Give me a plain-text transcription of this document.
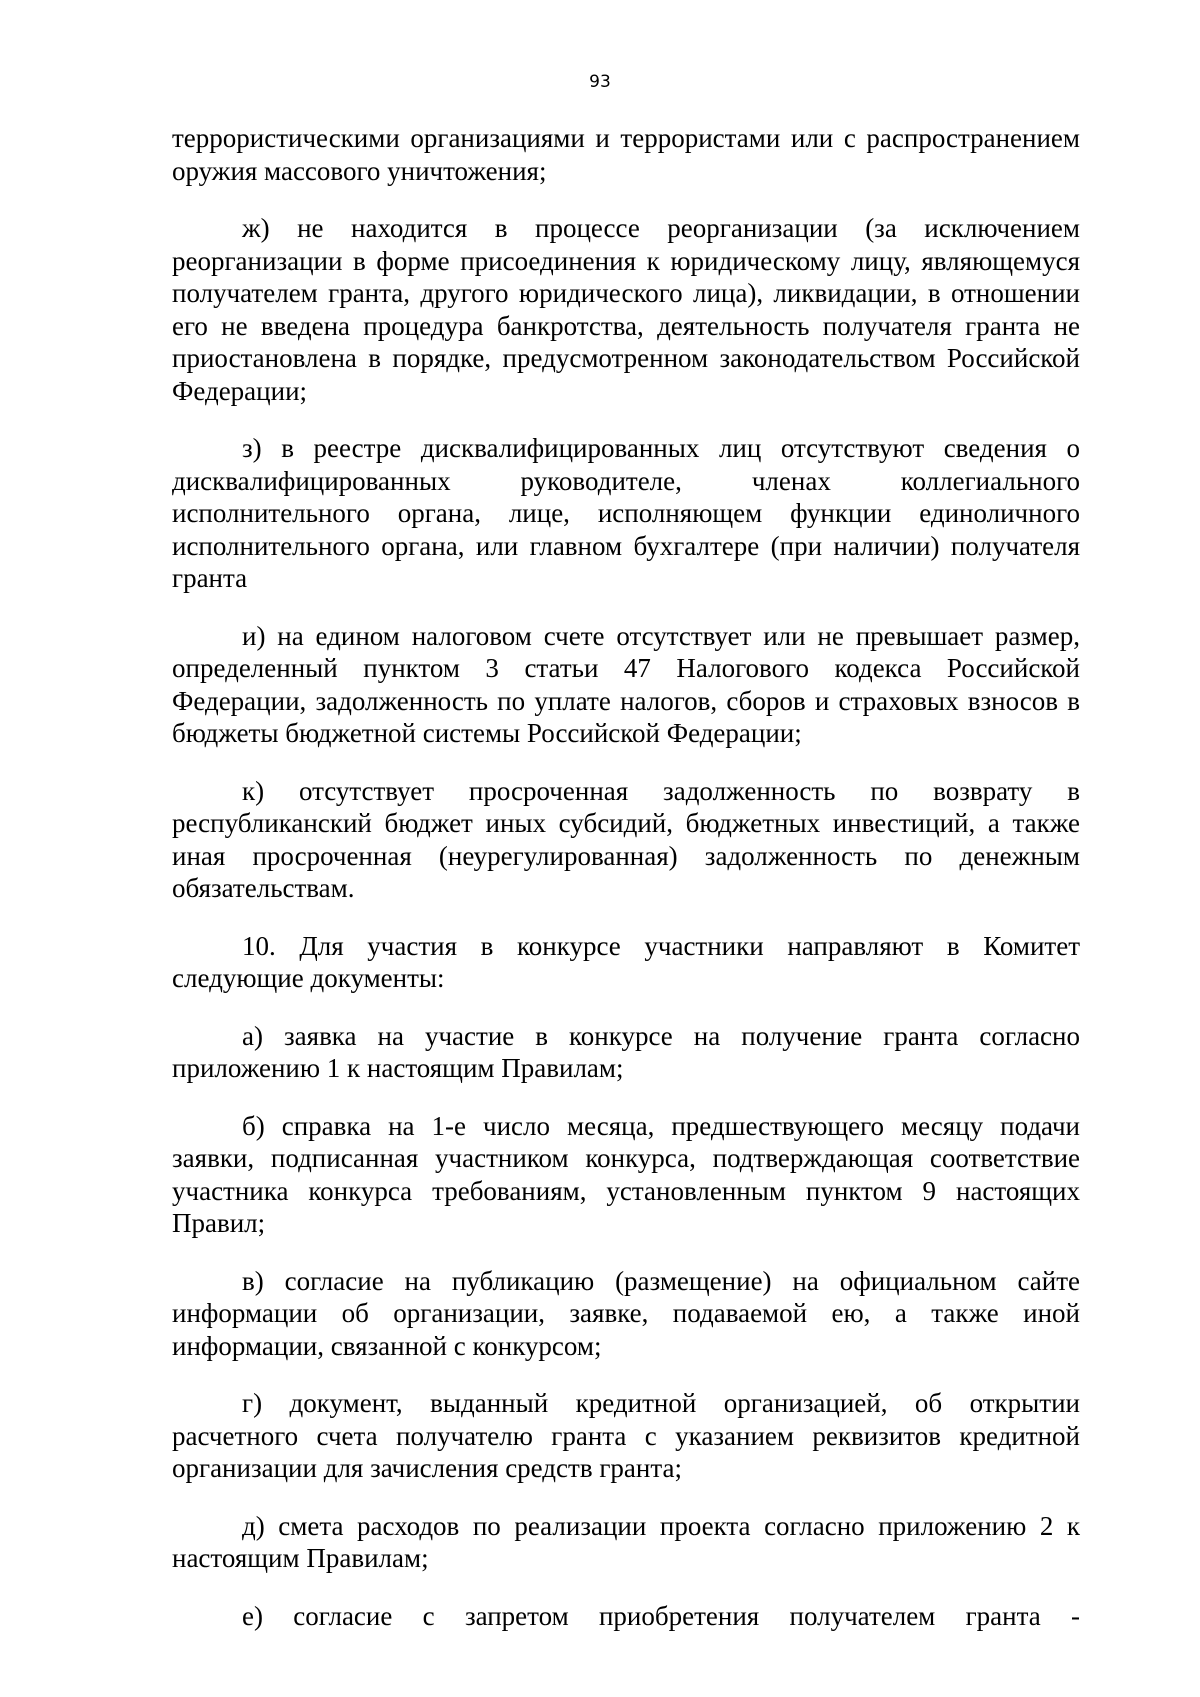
93

террористическими организациями и террористами или с распространением оружия массового уничтожения;

ж) не находится в процессе реорганизации (за исключением реорганизации в форме присоединения к юридическому лицу, являющемуся получателем гранта, другого юридического лица), ликвидации, в отношении его не введена процедура банкротства, деятельность получателя гранта не приостановлена в порядке, предусмотренном законодательством Российской Федерации;

з) в реестре дисквалифицированных лиц отсутствуют сведения о дисквалифицированных руководителе, членах коллегиального исполнительного органа, лице, исполняющем функции единоличного исполнительного органа, или главном бухгалтере (при наличии) получателя гранта

и) на едином налоговом счете отсутствует или не превышает размер, определенный пунктом 3 статьи 47 Налогового кодекса Российской Федерации, задолженность по уплате налогов, сборов и страховых взносов в бюджеты бюджетной системы Российской Федерации;

к) отсутствует просроченная задолженность по возврату в республиканский бюджет иных субсидий, бюджетных инвестиций, а также иная просроченная (неурегулированная) задолженность по денежным обязательствам.

10. Для участия в конкурсе участники направляют в Комитет следующие документы:

а) заявка на участие в конкурсе на получение гранта согласно приложению 1 к настоящим Правилам;

б) справка на 1-е число месяца, предшествующего месяцу подачи заявки, подписанная участником конкурса, подтверждающая соответствие участника конкурса требованиям, установленным пунктом 9 настоящих Правил;

в) согласие на публикацию (размещение) на официальном сайте информации об организации, заявке, подаваемой ею, а также иной информации, связанной с конкурсом;

г) документ, выданный кредитной организацией, об открытии расчетного счета получателю гранта с указанием реквизитов кредитной организации для зачисления средств гранта;

д) смета расходов по реализации проекта согласно приложению 2 к настоящим Правилам;

е) согласие с запретом приобретения получателем гранта -
